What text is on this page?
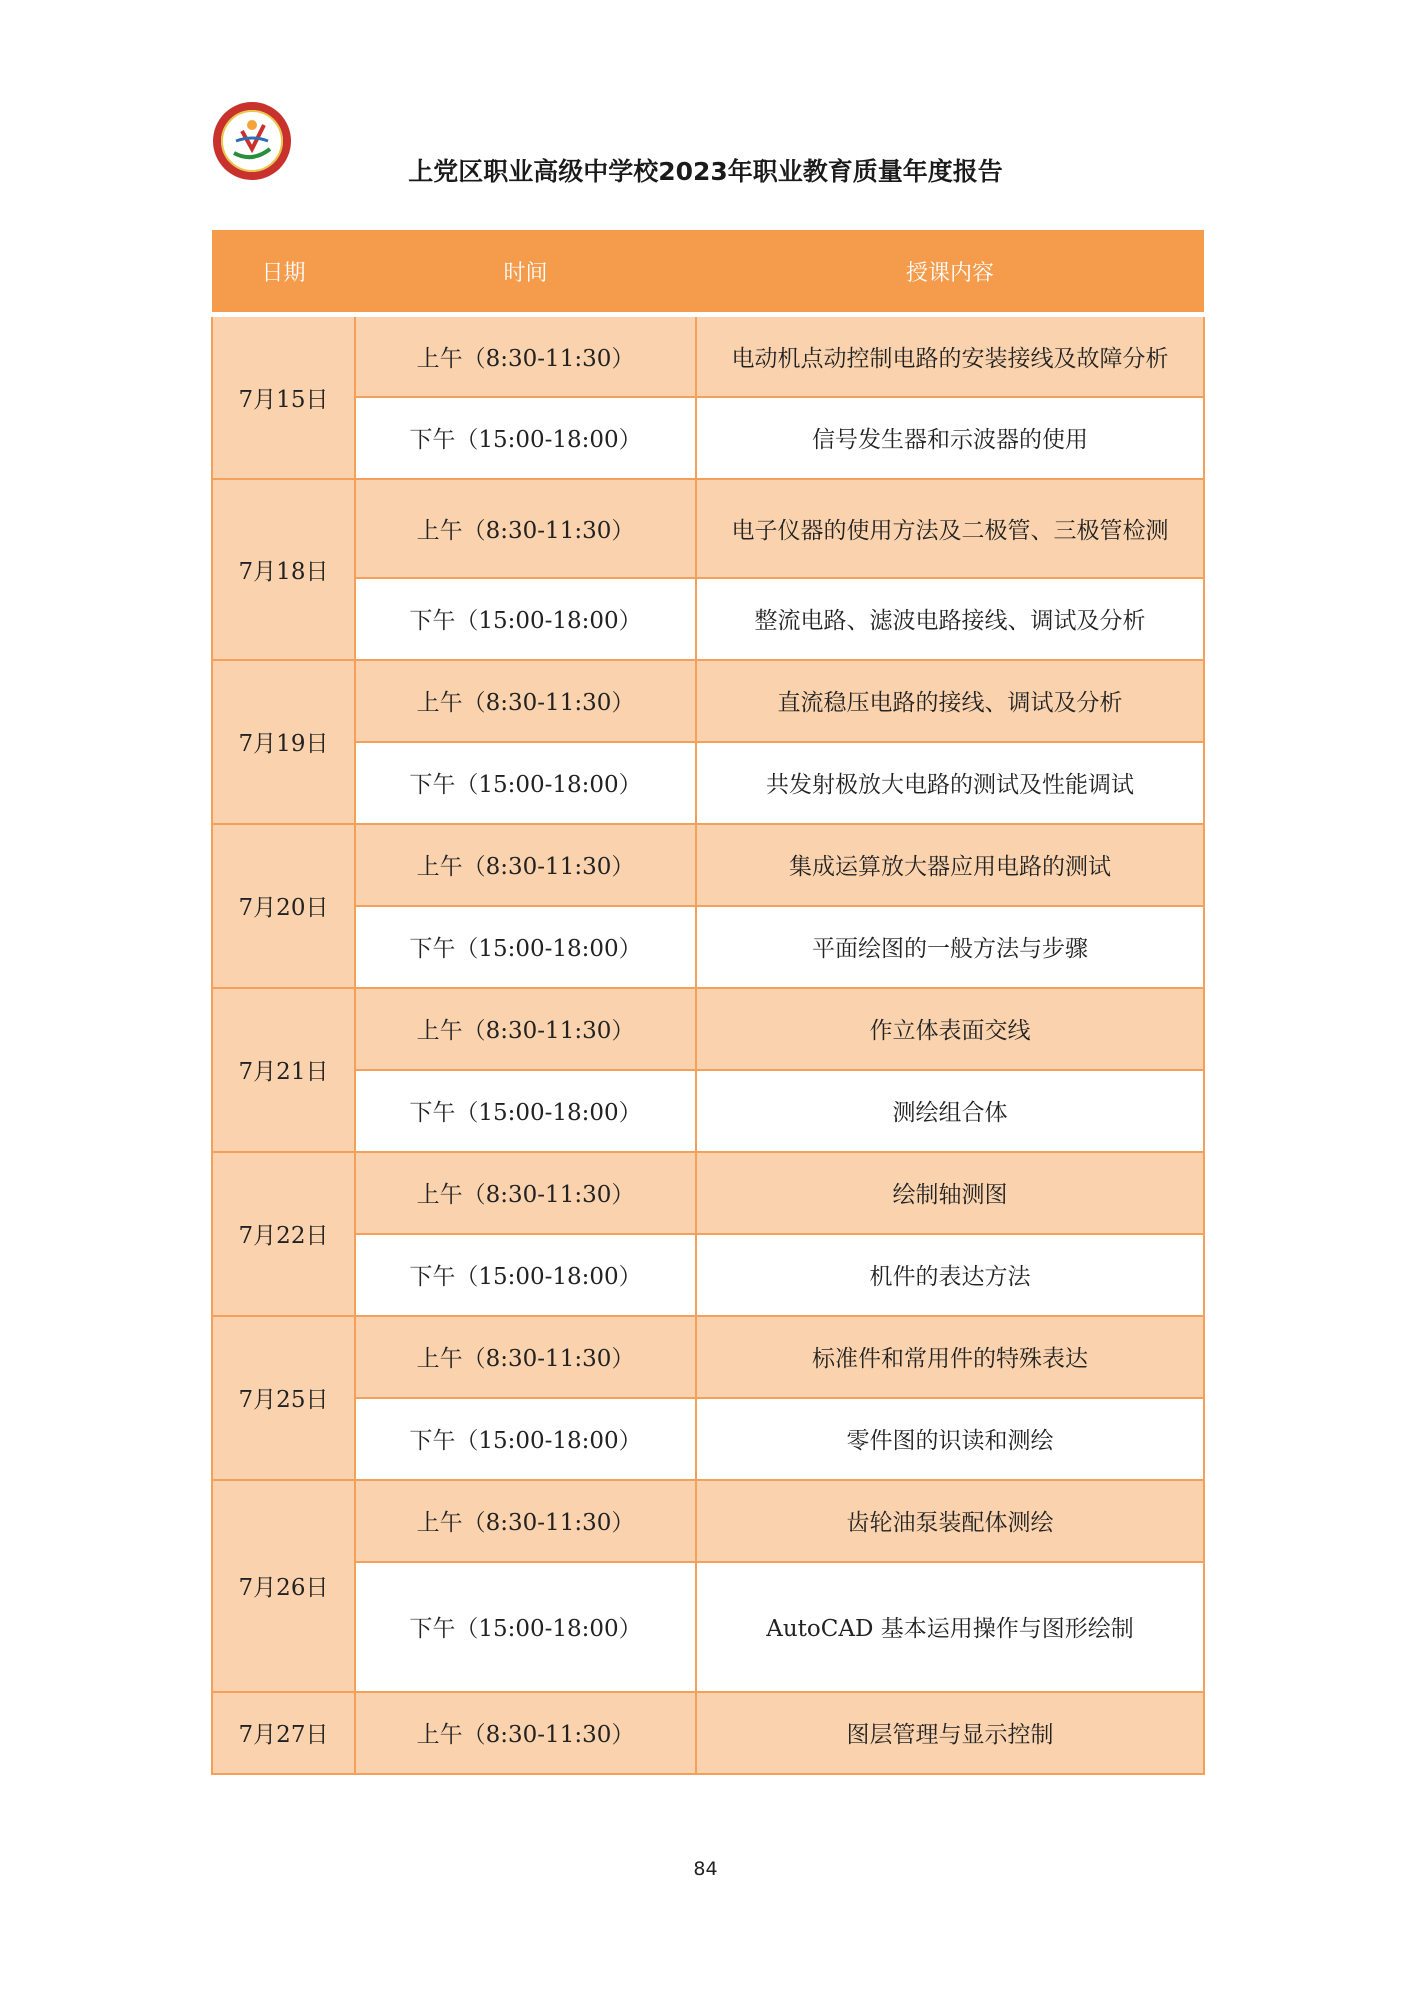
上党区职业高级中学校2023年职业教育质量年度报告
日期	时间	授课内容
7月15日	上午（8:30-11:30）	电动机点动控制电路的安装接线及故障分析
	下午（15:00-18:00）	信号发生器和示波器的使用
7月18日	上午（8:30-11:30）	电子仪器的使用方法及二极管、三极管检测
	下午（15:00-18:00）	整流电路、滤波电路接线、调试及分析
7月19日	上午（8:30-11:30）	直流稳压电路的接线、调试及分析
	下午（15:00-18:00）	共发射极放大电路的测试及性能调试
7月20日	上午（8:30-11:30）	集成运算放大器应用电路的测试
	下午（15:00-18:00）	平面绘图的一般方法与步骤
7月21日	上午（8:30-11:30）	作立体表面交线
	下午（15:00-18:00）	测绘组合体
7月22日	上午（8:30-11:30）	绘制轴测图
	下午（15:00-18:00）	机件的表达方法
7月25日	上午（8:30-11:30）	标准件和常用件的特殊表达
	下午（15:00-18:00）	零件图的识读和测绘
7月26日	上午（8:30-11:30）	齿轮油泵装配体测绘
	下午（15:00-18:00）	AutoCAD 基本运用操作与图形绘制
7月27日	上午（8:30-11:30）	图层管理与显示控制
84
